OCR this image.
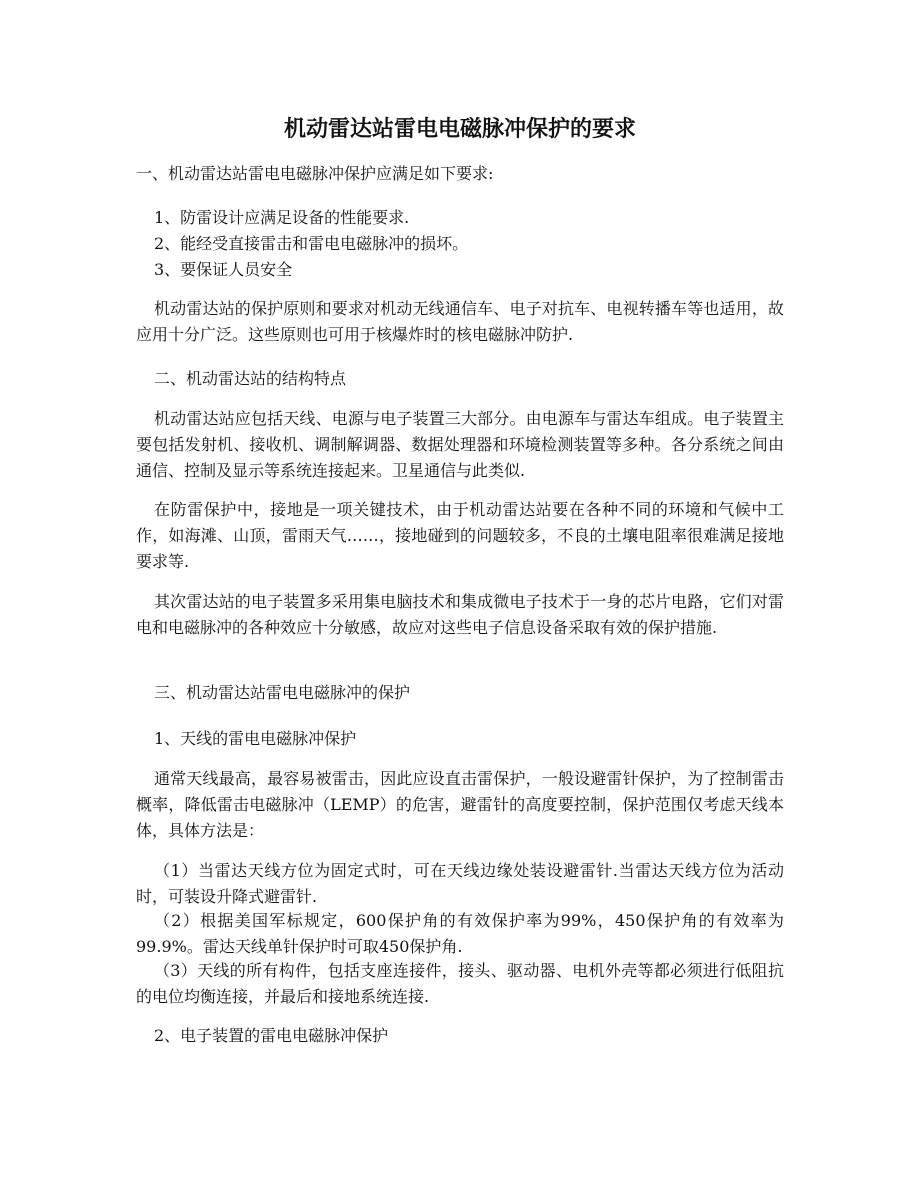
机动雷达站雷电电磁脉冲保护的要求

一、机动雷达站雷电电磁脉冲保护应满足如下要求:

1、防雷设计应满足设备的性能要求.

2、能经受直接雷击和雷电电磁脉冲的损坏。

3、要保证人员安全

机动雷达站的保护原则和要求对机动无线通信车、电子对抗车、电视转播车等也适用，故应用十分广泛。这些原则也可用于核爆炸时的核电磁脉冲防护.

二、机动雷达站的结构特点

机动雷达站应包括天线、电源与电子装置三大部分。由电源车与雷达车组成。电子装置主要包括发射机、接收机、调制解调器、数据处理器和环境检测装置等多种。各分系统之间由通信、控制及显示等系统连接起来。卫星通信与此类似.

在防雷保护中，接地是一项关键技术，由于机动雷达站要在各种不同的环境和气候中工作，如海滩、山顶，雷雨天气……，接地碰到的问题较多，不良的土壤电阻率很难满足接地要求等.

其次雷达站的电子装置多采用集电脑技术和集成微电子技术于一身的芯片电路，它们对雷电和电磁脉冲的各种效应十分敏感，故应对这些电子信息设备采取有效的保护措施.

三、机动雷达站雷电电磁脉冲的保护

1、天线的雷电电磁脉冲保护

通常天线最高，最容易被雷击，因此应设直击雷保护，一般设避雷针保护，为了控制雷击概率，降低雷击电磁脉冲（LEMP）的危害，避雷针的高度要控制，保护范围仅考虑天线本体，具体方法是：

（1）当雷达天线方位为固定式时，可在天线边缘处装设避雷针.当雷达天线方位为活动时，可装设升降式避雷针.

（2）根据美国军标规定，600保护角的有效保护率为99%，450保护角的有效率为99.9%。雷达天线单针保护时可取450保护角.

（3）天线的所有构件，包括支座连接件，接头、驱动器、电机外壳等都必须进行低阻抗的电位均衡连接，并最后和接地系统连接.

2、电子装置的雷电电磁脉冲保护
